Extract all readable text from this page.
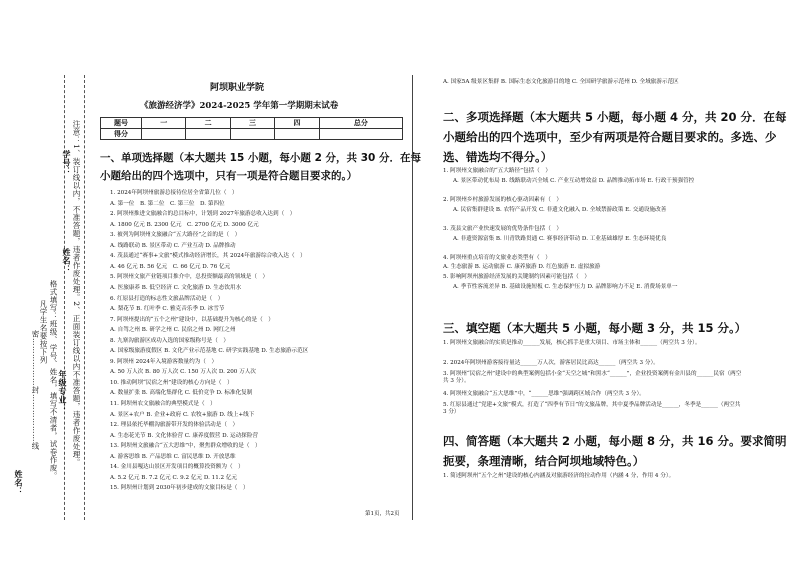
学号：
姓名： 注意：1、装订线以内，不准答题，违者作废处理。2、正面装订线以内不准答题，违者作废处理。
凡学生名要按下列 格式填写：班级、学号、姓名，填写不清者，试卷作废。 年级专业：
密………………封………………线
姓名：
阿坝职业学院
《旅游经济学》2024-2025 学年第一学期期末试卷
题号	一	二	三	四	总分
得分					
一、单项选择题（本大题共 15 小题，每小题 2 分，共 30 分．在每
小题给出的四个选项中，只有一项是符合题目要求的。）
1. 2024年阿坝州旅游总接待位居全省第几位（　）
A. 第一位　B. 第二位　C. 第三位　D. 第四位
2. 阿坝州推进文旅融合的总目标中，计划到 2027年旅游总收入达到（　）
A. 1800 亿元 B. 2300 亿元　C. 2700 亿元 D. 3000 亿元
3. 被列为阿坝州文旅融合“五大路径”之首的是（　）
A. 线路联动 B. 景区带动 C. 产业互动 D. 品牌推动
4. 茂县通过“赛事+文旅”模式推动经济增长，其 2024年旅游综合收入达（　）
A. 46 亿元 B. 56 亿元　C. 66 亿元 D. 76 亿元
5. 阿坝州文旅产业链项目推介中，总投资额最高的领域是（　）
A. 医旅康养 B. 低空经济 C. 文化旅游 D. 生态饮用水
6. 红原县打造的标志性文旅品牌活动是（　）
A. 梨花节 B. 红叶季 C. 雅克音乐季 D. 冰雪节
7. 阿坝州提出的“五个之州”建设中，以基础提升为核心的是（　）
A. 自驾之州 B. 研学之州 C. 民宿之州 D. 网红之州
8. 九寨沟旅游区成功入选的国家级称号是（　）
A. 国家级旅游度假区 B. 文化产业示范基地 C. 研学实践基地 D. 生态旅游示范区
9. 阿坝州 2024年入境游客数量约为（　）
A. 50 万人次 B. 80 万人次 C. 150 万人次 D. 200 万人次
10. 推动阿坝“民宿之州”建设的核心方向是（　）
A. 数量扩张 B. 高端化集群化 C. 低价竞争 D. 标准化复制
11. 阿坝州农文旅融合的典型模式是（　）
A. 景区+农户 B. 企业+政府 C. 农牧+旅游 D. 线上+线下
12. 理县依托毕棚沟旅游带开发的体验活动是（　）
A. 生态花光节 B. 文化体验营 C. 康养度假营 D. 运动探险营
13. 阿坝州文旅融合“五大思维”中，聚焦群众增收的是（　）
A. 游客思维 B. 产品思维 C. 富民思维 D. 开放思维
14. 金川县嘎达山景区开发项目的概算投资额为（　）
A. 5.2 亿元 B. 7.2 亿元 C. 9.2 亿元 D. 11.2 亿元
15. 阿坝州计划到 2030年初步建成的文旅目标是（　）
A. 国家5A 级景区集群 B. 国际生态文化旅游目的地 C. 全国研学旅游示范州 D. 全域旅游示范区
二、多项选择题（本大题共 5 小题，每小题 4 分，共 20 分．在每
小题给出的四个选项中，至少有两项是符合题目要求的。多选、少
选、错选均不得分。）
1. 阿坝州文旅融合的“五大路径”包括（　）
A. 景区带动优布局 B. 线路联动兴全域 C. 产业互动增效益 D. 品牌推动拓市场 E. 行政干预强管控
2. 阿坝州乡村旅游发展的核心驱动因素有（　）
A. 民宿集群建设 B. 农特产品开发 C. 非遗文化融入 D. 全域禁游政策 E. 交通设施改善
3. 茂县文旅产业快速发展的优势条件包括（　）
A. 非遗资源富集 B. 川青铁路贯通 C. 赛事经济带动 D. 工业基础雄厚 E. 生态环境优良
4. 阿坝州重点培育的文旅业态类型有（　）
A. 生态旅游 B. 运动旅游 C. 康养旅游 D. 红色旅游 E. 虚拟旅游
5. 影响阿坝州旅游经济发展的关键制约因素可能包括（　）
A. 季节性客流差异 B. 基础设施短板 C. 生态保护压力 D. 品牌影响力不足 E. 消费场景单一
三、填空题（本大题共 5 小题，每小题 3 分，共 15 分。）
1. 阿坝州文旅融合的实质是推动______发展，核心抓手是重大项目、市场主体和______（两空共 3 分）。
2. 2024年阿坝州游客接待量达______万人次，游客居民比高达______（两空共 3 分）。
3. 阿坝州“民宿之州”建设中的典型案例包括小金“天空之城”和黑水“______”，企业投资案例有金川县的______民宿（两空共 3 分）。
4. 阿坝州文旅融合“五大思维”中，“______思维”强调跨区域合作（两空共 3 分）。
5. 红原县通过“党建+文旅”模式，打造了“四季有节日”的文旅品牌，其中夏季品牌活动是______，冬季是______（两空共 3 分）
四、简答题（本大题共 2 小题，每小题 8 分，共 16 分。要求简明
扼要，条理清晰，结合阿坝地域特色。）
1. 简述阿坝州“五个之州”建设的核心内涵及对旅游经济的拉动作用（内涵 4 分，作用 4 分）。
第1页，共2页
